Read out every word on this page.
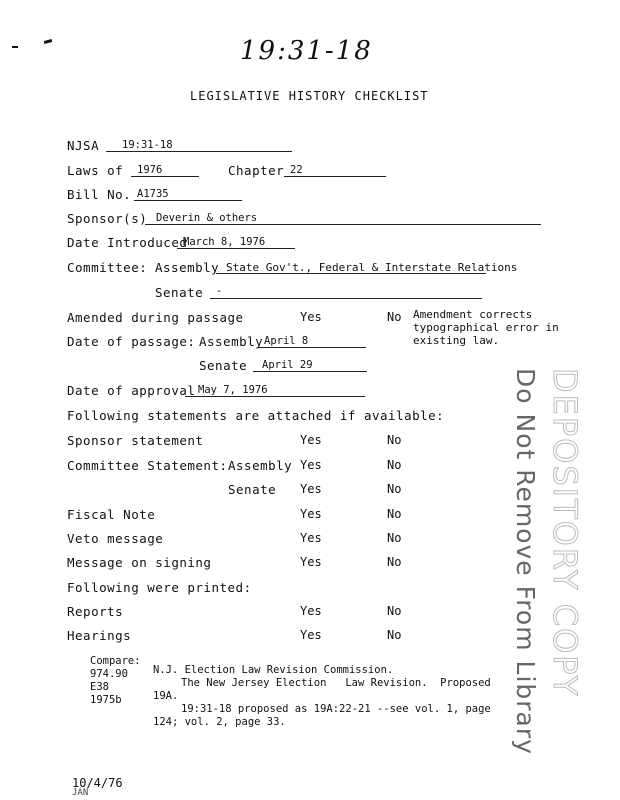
19:31-18
LEGISLATIVE HISTORY CHECKLIST
NJSA 19:31-18
Laws of 1976	Chapter 22
Bill No. A1735
Sponsor(s) Deverin & others
Date Introduced
March 8, 1976
Committee: Assembly State Gov't., Federal & Interstate Relations
Senate -
Amended during passage	Yes	No Amendment corrects
typographical error in
existing law.
Date of passage: Assembly April 8
Senate April 29
Date of approval May 7, 1976
Following statements are attached if available:
Sponsor statement	Yes	No
Committee Statement: Assembly Yes	No
Senate Yes	No
Fiscal Note	Yes	No
Veto message	Yes	No
Message on signing	Yes	No
Following were printed:
Reports	Yes	No
Hearings	Yes	No	Do Not Remove From Library DEPOSITORY COPY
Compare:
974.90
E38
1975b
N.J. Election Law Revision Commission.
The New Jersey Election   Law Revision.  Proposed
19A.
19:31-18 proposed as 19A:22-21 --see vol. 1, page
124; vol. 2, page 33.
10/4/76
JAN
